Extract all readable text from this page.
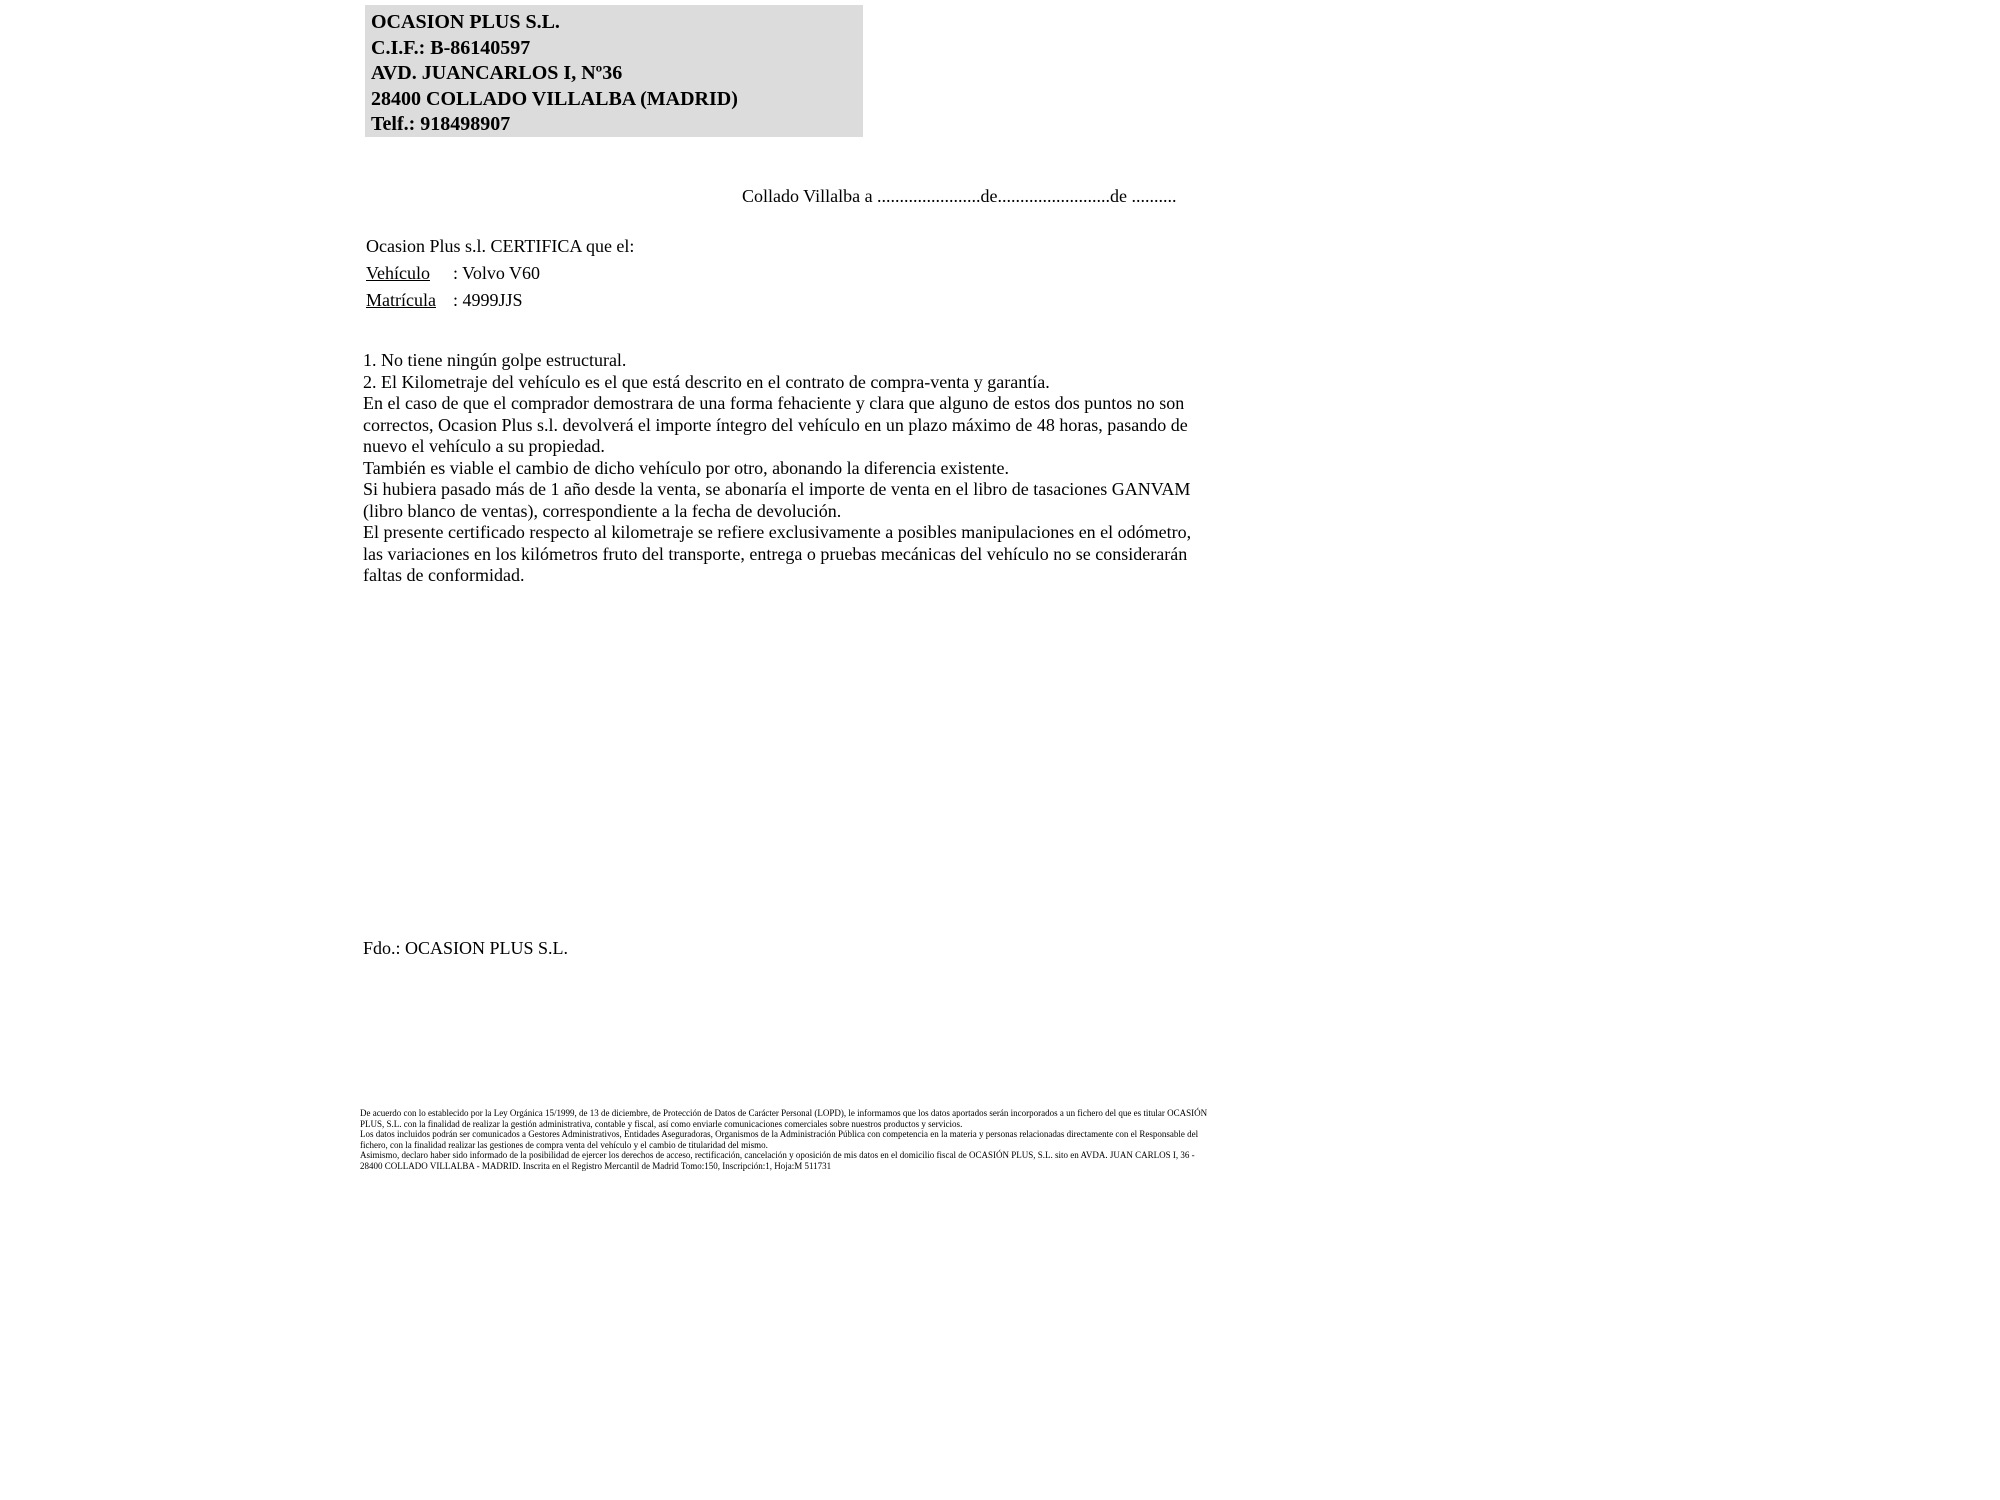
OCASION PLUS S.L.
C.I.F.: B-86140597
AVD. JUANCARLOS I, Nº36
28400 COLLADO VILLALBA (MADRID)
Telf.: 918498907
Collado Villalba a .......................de.........................de ..........
Ocasion Plus s.l. CERTIFICA que el:
Vehículo	: Volvo V60
Matrícula : 4999JJS

1. No tiene ningún golpe estructural.

2. El Kilometraje del vehículo es el que está descrito en el contrato de compra-venta y garantía.

En el caso de que el comprador demostrara de una forma fehaciente y clara que alguno de estos dos puntos no son correctos, Ocasion Plus s.l. devolverá el importe íntegro del vehículo en un plazo máximo de 48 horas, pasando de nuevo el vehículo a su propiedad.

También es viable el cambio de dicho vehículo por otro, abonando la diferencia existente.

Si hubiera pasado más de 1 año desde la venta, se abonaría el importe de venta en el libro de tasaciones GANVAM (libro blanco de ventas), correspondiente a la fecha de devolución.

El presente certificado respecto al kilometraje se refiere exclusivamente a posibles manipulaciones en el odómetro, las variaciones en los kilómetros fruto del transporte, entrega o pruebas mecánicas del vehículo no se considerarán faltas de conformidad.

Fdo.: OCASION PLUS S.L.

De acuerdo con lo establecido por la Ley Orgánica 15/1999, de 13 de diciembre, de Protección de Datos de Carácter Personal (LOPD), le informamos que los datos aportados serán incorporados a un fichero del que es titular OCASIÓN PLUS, S.L. con la finalidad de realizar la gestión administrativa, contable y fiscal, así como enviarle comunicaciones comerciales sobre nuestros productos y servicios.

Los datos incluidos podrán ser comunicados a Gestores Administrativos, Entidades Aseguradoras, Organismos de la Administración Pública con competencia en la materia y personas relacionadas directamente con el Responsable del fichero, con la finalidad realizar las gestiones de compra venta del vehículo y el cambio de titularidad del mismo.

Asimismo, declaro haber sido informado de la posibilidad de ejercer los derechos de acceso, rectificación, cancelación y oposición de mis datos en el domicilio fiscal de OCASIÓN PLUS, S.L. sito en AVDA. JUAN CARLOS I, 36 - 28400 COLLADO VILLALBA - MADRID. Inscrita en el Registro Mercantil de Madrid Tomo:150, Inscripción:1, Hoja:M 511731
